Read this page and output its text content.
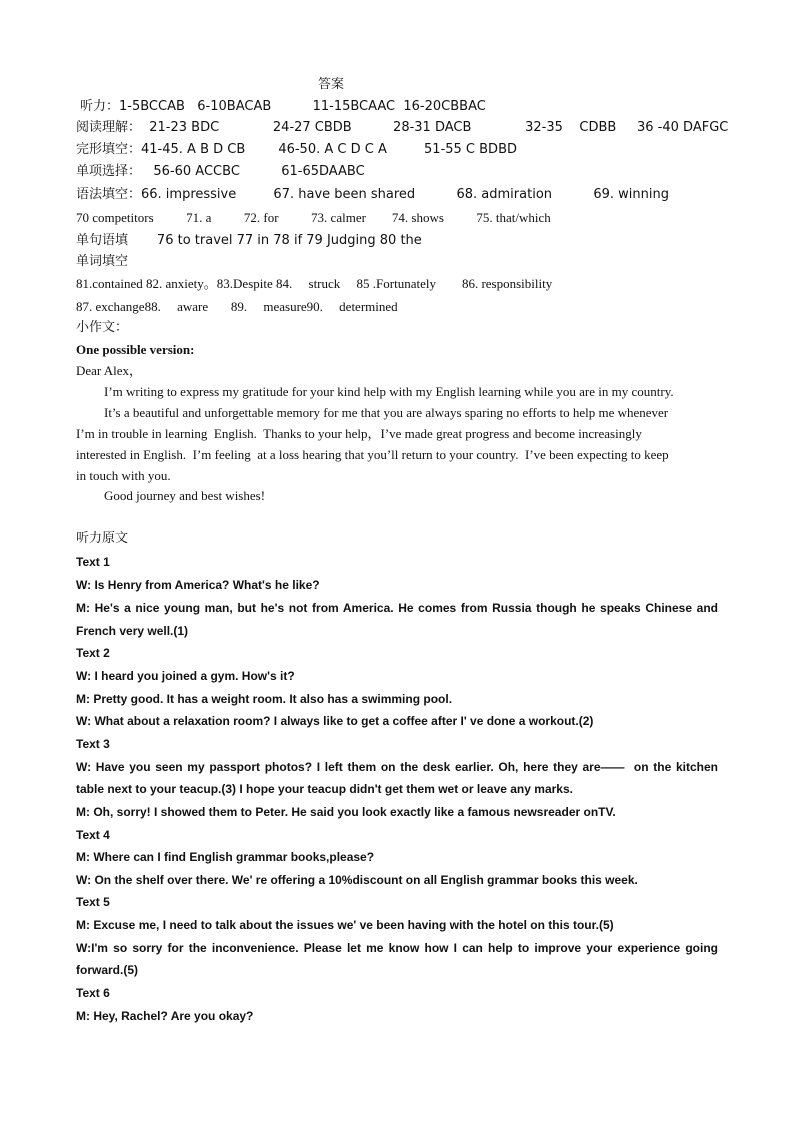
答案
听力：1-5BCCAB   6-10BACAB          11-15BCAAC  16-20CBBAC
阅读理解：  21-23 BDC             24-27 CBDB          28-31 DACB             32-35    CDBB     36 -40 DAFGC
完形填空：41-45. A B D CB        46-50. A C D C A         51-55 C BDBD
单项选择：   56-60 ACCBC          61-65DAABC
语法填空：66. impressive         67. have been shared          68. admiration          69. winning
70 competitors          71. a          72. for          73. calmer        74. shows          75. that/which
单句语填       76 to travel 77 in 78 if 79 Judging 80 the
单词填空
81.contained 82. anxiety。83.Despite 84.     struck     85 .Fortunately        86. responsibility
87. exchange88.     aware       89.     measure90.     determined
小作文：
One possible version:
Dear Alex，
I’m writing to express my gratitude for your kind help with my English learning while you are in my country.
It’s a beautiful and unforgettable memory for me that you are always sparing no efforts to help me whenever
I’m in trouble in learning  English.  Thanks to your help，I’ve made great progress and become increasingly
interested in English.  I’m feeling  at a loss hearing that you’ll return to your country.  I’ve been expecting to keep
in touch with you.
Good journey and best wishes!
听力原文
Text 1
W: Is Henry from America? What's he like?
M: He's a nice young man, but he's not from America. He comes from Russia though he speaks Chinese and
French very well.(1)
Text 2
W: I heard you joined a gym. How's it?
M: Pretty good. It has a weight room. It also has a swimming pool.
W: What about a relaxation room? I always like to get a coffee after I' ve done a workout.(2)
Text 3
W: Have you seen my passport photos? I left them on the desk earlier. Oh, here they are——  on the kitchen
table next to your teacup.(3) I hope your teacup didn't get them wet or leave any marks.
M: Oh, sorry! I showed them to Peter. He said you look exactly like a famous newsreader onTV.
Text 4
M: Where can I find English grammar books,please?
W: On the shelf over there. We' re offering a 10%discount on all English grammar books this week.
Text 5
M: Excuse me, I need to talk about the issues we' ve been having with the hotel on this tour.(5)
W:I'm so sorry for the inconvenience. Please let me know how I can help to improve your experience going
forward.(5)
Text 6
M: Hey, Rachel? Are you okay?
